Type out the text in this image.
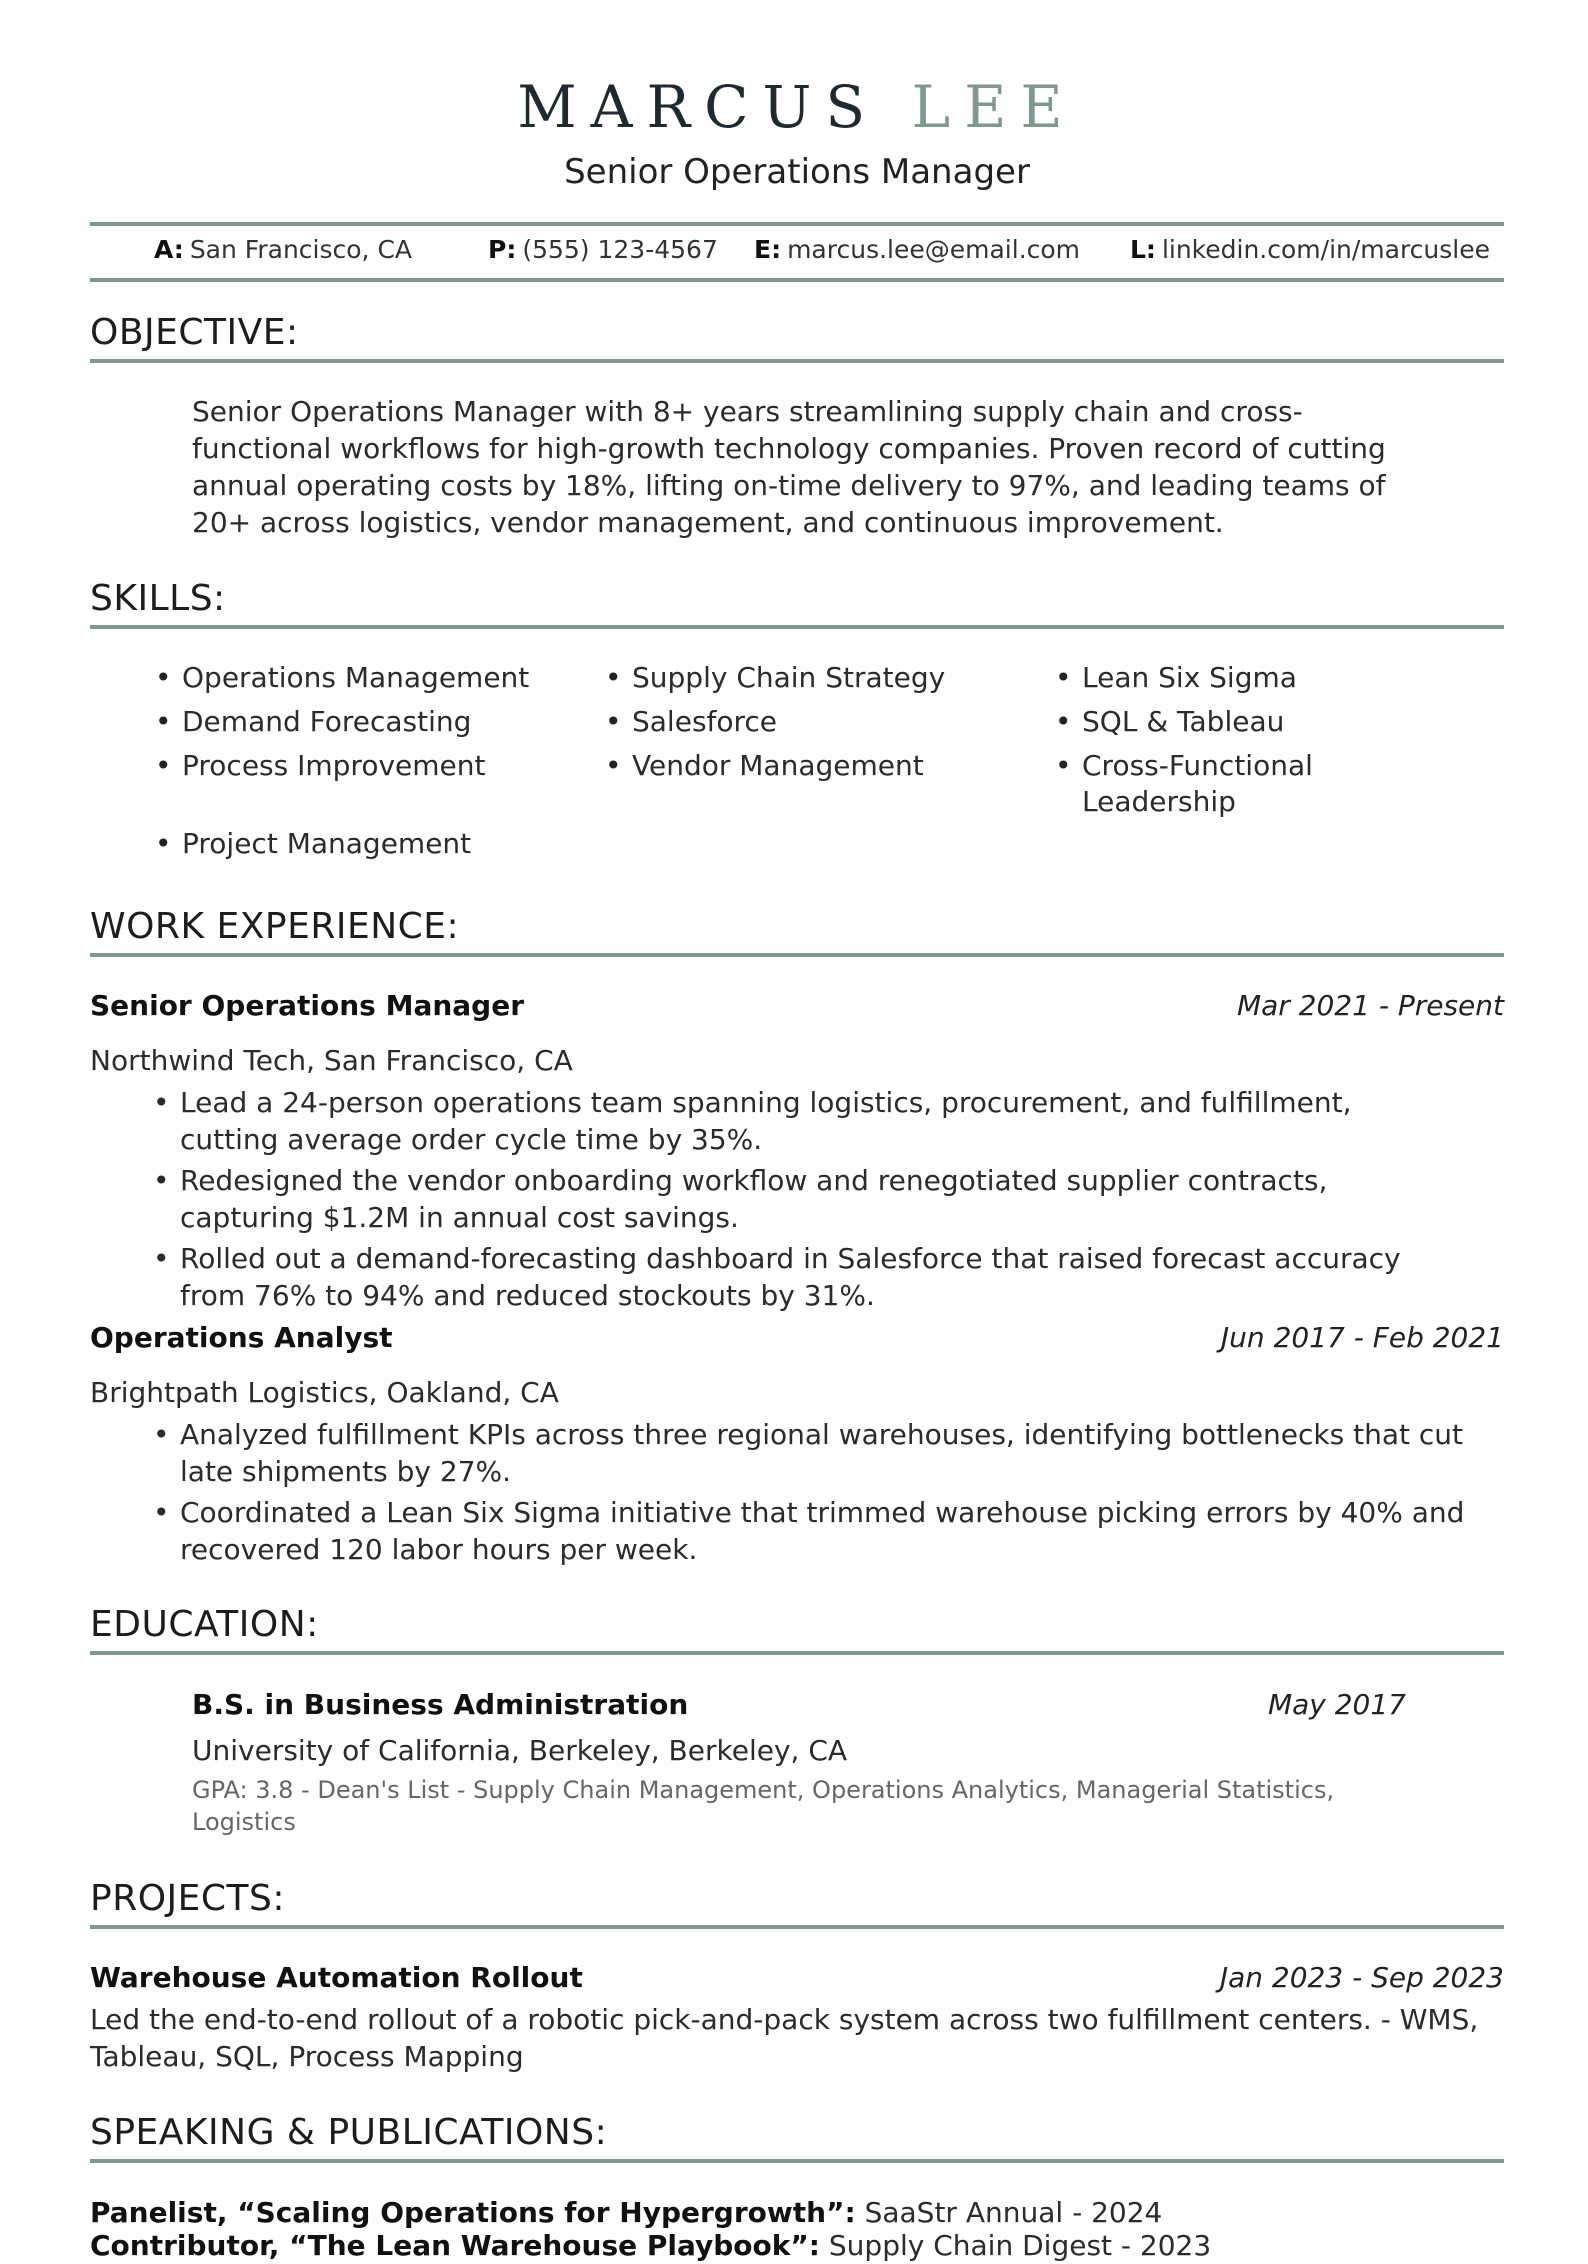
MARCUS LEE
Senior Operations Manager
A: San Francisco, CA	P: (555) 123-4567 E: marcus.lee@email.com L: linkedin.com/in/marcuslee
OBJECTIVE:
Senior Operations Manager with 8+ years streamlining supply chain and cross-
functional workflows for high-growth technology companies. Proven record of cutting
annual operating costs by 18%, lifting on-time delivery to 97%, and leading teams of
20+ across logistics, vendor management, and continuous improvement.
SKILLS:
• Operations Management	• Supply Chain Strategy	• Lean Six Sigma
• Demand Forecasting	• Salesforce	• SQL & Tableau
• Process Improvement	• Vendor Management	• Cross-Functional
Leadership
• Project Management
WORK EXPERIENCE:
Senior Operations Manager	Mar 2021 - Present
Northwind Tech, San Francisco, CA
• Lead a 24-person operations team spanning logistics, procurement, and fulfillment, cutting average order cycle time by 35%.
• Redesigned the vendor onboarding workflow and renegotiated supplier contracts, capturing $1.2M in annual cost savings.
• Rolled out a demand-forecasting dashboard in Salesforce that raised forecast accuracy from 76% to 94% and reduced stockouts by 31%.
Operations Analyst	Jun 2017 - Feb 2021
Brightpath Logistics, Oakland, CA
• Analyzed fulfillment KPIs across three regional warehouses, identifying bottlenecks that cut late shipments by 27%.
• Coordinated a Lean Six Sigma initiative that trimmed warehouse picking errors by 40% and recovered 120 labor hours per week.
EDUCATION:
B.S. in Business Administration	May 2017
University of California, Berkeley, Berkeley, CA
GPA: 3.8 - Dean's List - Supply Chain Management, Operations Analytics, Managerial Statistics, Logistics
PROJECTS:
Warehouse Automation Rollout	Jan 2023 - Sep 2023
Led the end-to-end rollout of a robotic pick-and-pack system across two fulfillment centers. - WMS, Tableau, SQL, Process Mapping
SPEAKING & PUBLICATIONS:
Panelist, “Scaling Operations for Hypergrowth”: SaaStr Annual - 2024
Contributor, “The Lean Warehouse Playbook”: Supply Chain Digest - 2023
